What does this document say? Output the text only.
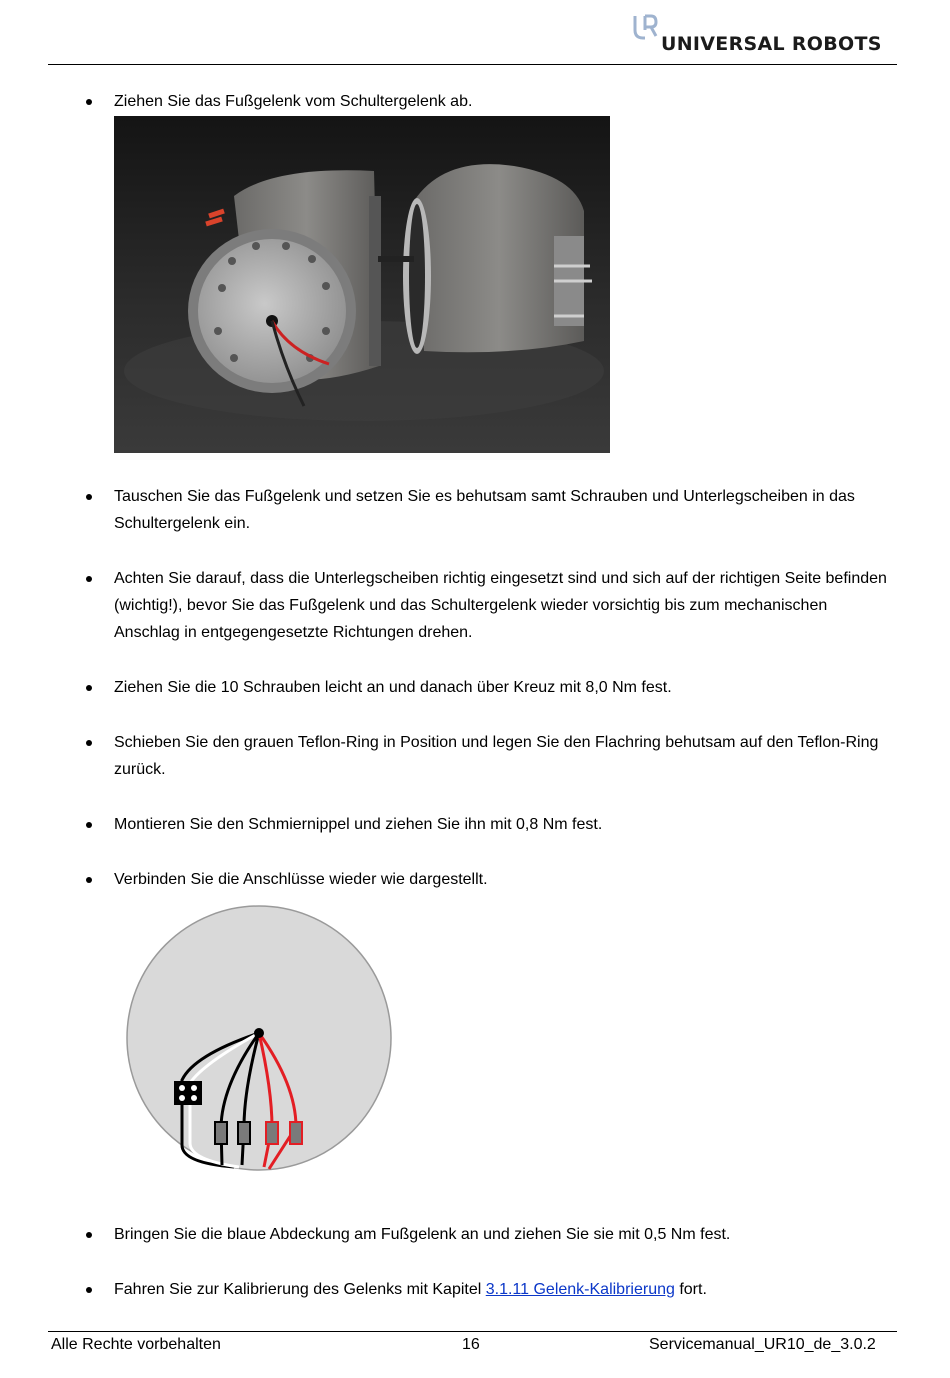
UNIVERSAL ROBOTS
Ziehen Sie das Fußgelenk vom Schultergelenk ab.
Tauschen Sie das Fußgelenk und setzen Sie es behutsam samt Schrauben und Unterlegscheiben in das Schultergelenk ein.
Achten Sie darauf, dass die Unterlegscheiben richtig eingesetzt sind und sich auf der richtigen Seite befinden (wichtig!), bevor Sie das Fußgelenk und das Schultergelenk wieder vorsichtig bis zum mechanischen Anschlag in entgegengesetzte Richtungen drehen.
Ziehen Sie die 10 Schrauben leicht an und danach über Kreuz mit 8,0 Nm fest.
Schieben Sie den grauen Teflon-Ring in Position und legen Sie den Flachring behutsam auf den Teflon-Ring zurück.
Montieren Sie den Schmiernippel und ziehen Sie ihn mit 0,8 Nm fest.
Verbinden Sie die Anschlüsse wieder wie dargestellt.
Bringen Sie die blaue Abdeckung am Fußgelenk an und ziehen Sie sie mit 0,5 Nm fest.
Fahren Sie zur Kalibrierung des Gelenks mit Kapitel 3.1.11 Gelenk-Kalibrierung fort.
Alle Rechte vorbehalten	16	Servicemanual_UR10_de_3.0.2
